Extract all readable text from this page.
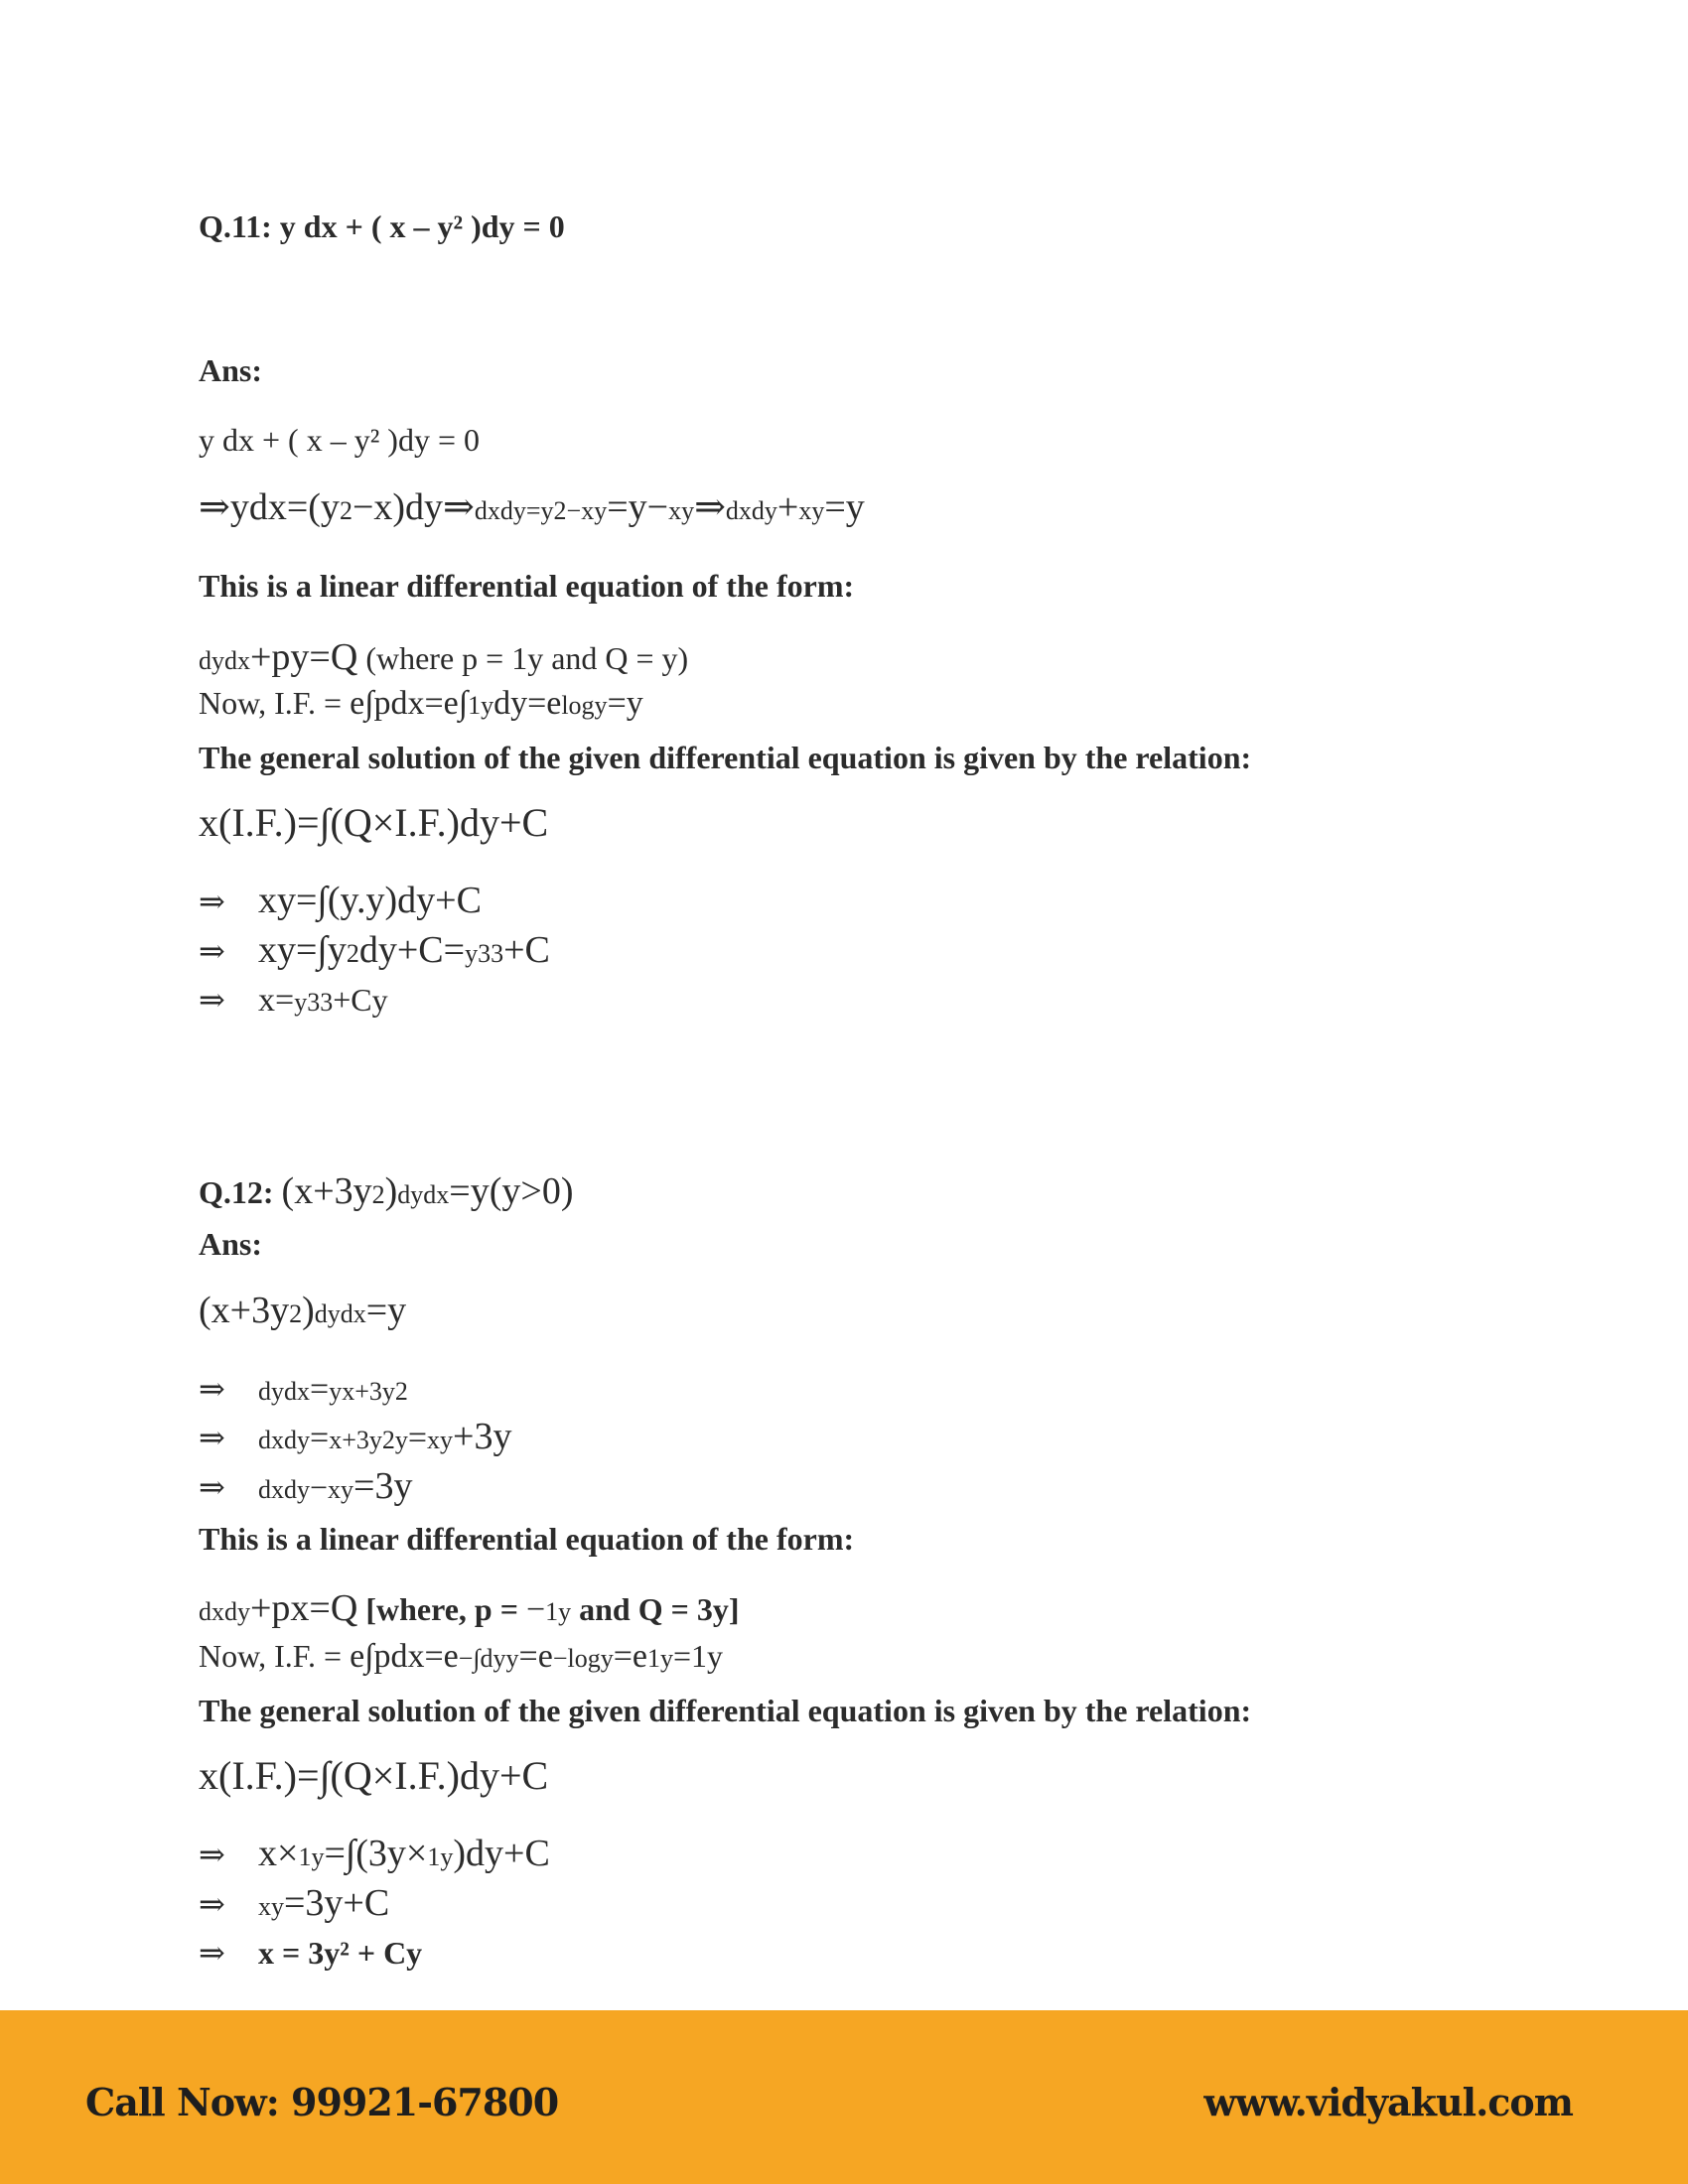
Q.11: y dx + ( x – y² )dy = 0
Ans:
y dx + ( x – y² )dy = 0
⇒ydx=(y2−x)dy⇒dxdy=y2−xy=y−xy⇒dxdy+xy=y
This is a linear differential equation of the form:
dydx+py=Q (where p = 1y and Q = y)
Now, I.F. = e∫pdx=e∫1ydy=elogy=y
The general solution of the given differential equation is given by the relation:
x(I.F.)=∫(Q×I.F.)dy+C
⇒ xy=∫(y.y)dy+C
⇒ xy=∫y2dy+C=y33+C
⇒ x=y33+Cy
Q.12: (x+3y2)dydx=y(y>0)
Ans:
(x+3y2)dydx=y
⇒ dydx=yx+3y2
⇒ dxdy=x+3y2y=xy+3y
⇒ dxdy−xy=3y
This is a linear differential equation of the form:
dxdy+px=Q [where, p = −1y and Q = 3y]
Now, I.F. = e∫pdx=e−∫dyy=e−logy=e1y=1y
The general solution of the given differential equation is given by the relation:
x(I.F.)=∫(Q×I.F.)dy+C
⇒ x×1y=∫(3y×1y)dy+C
⇒ xy=3y+C
⇒ x = 3y² + Cy
Call Now: 99921-67800	www.vidyakul.com
